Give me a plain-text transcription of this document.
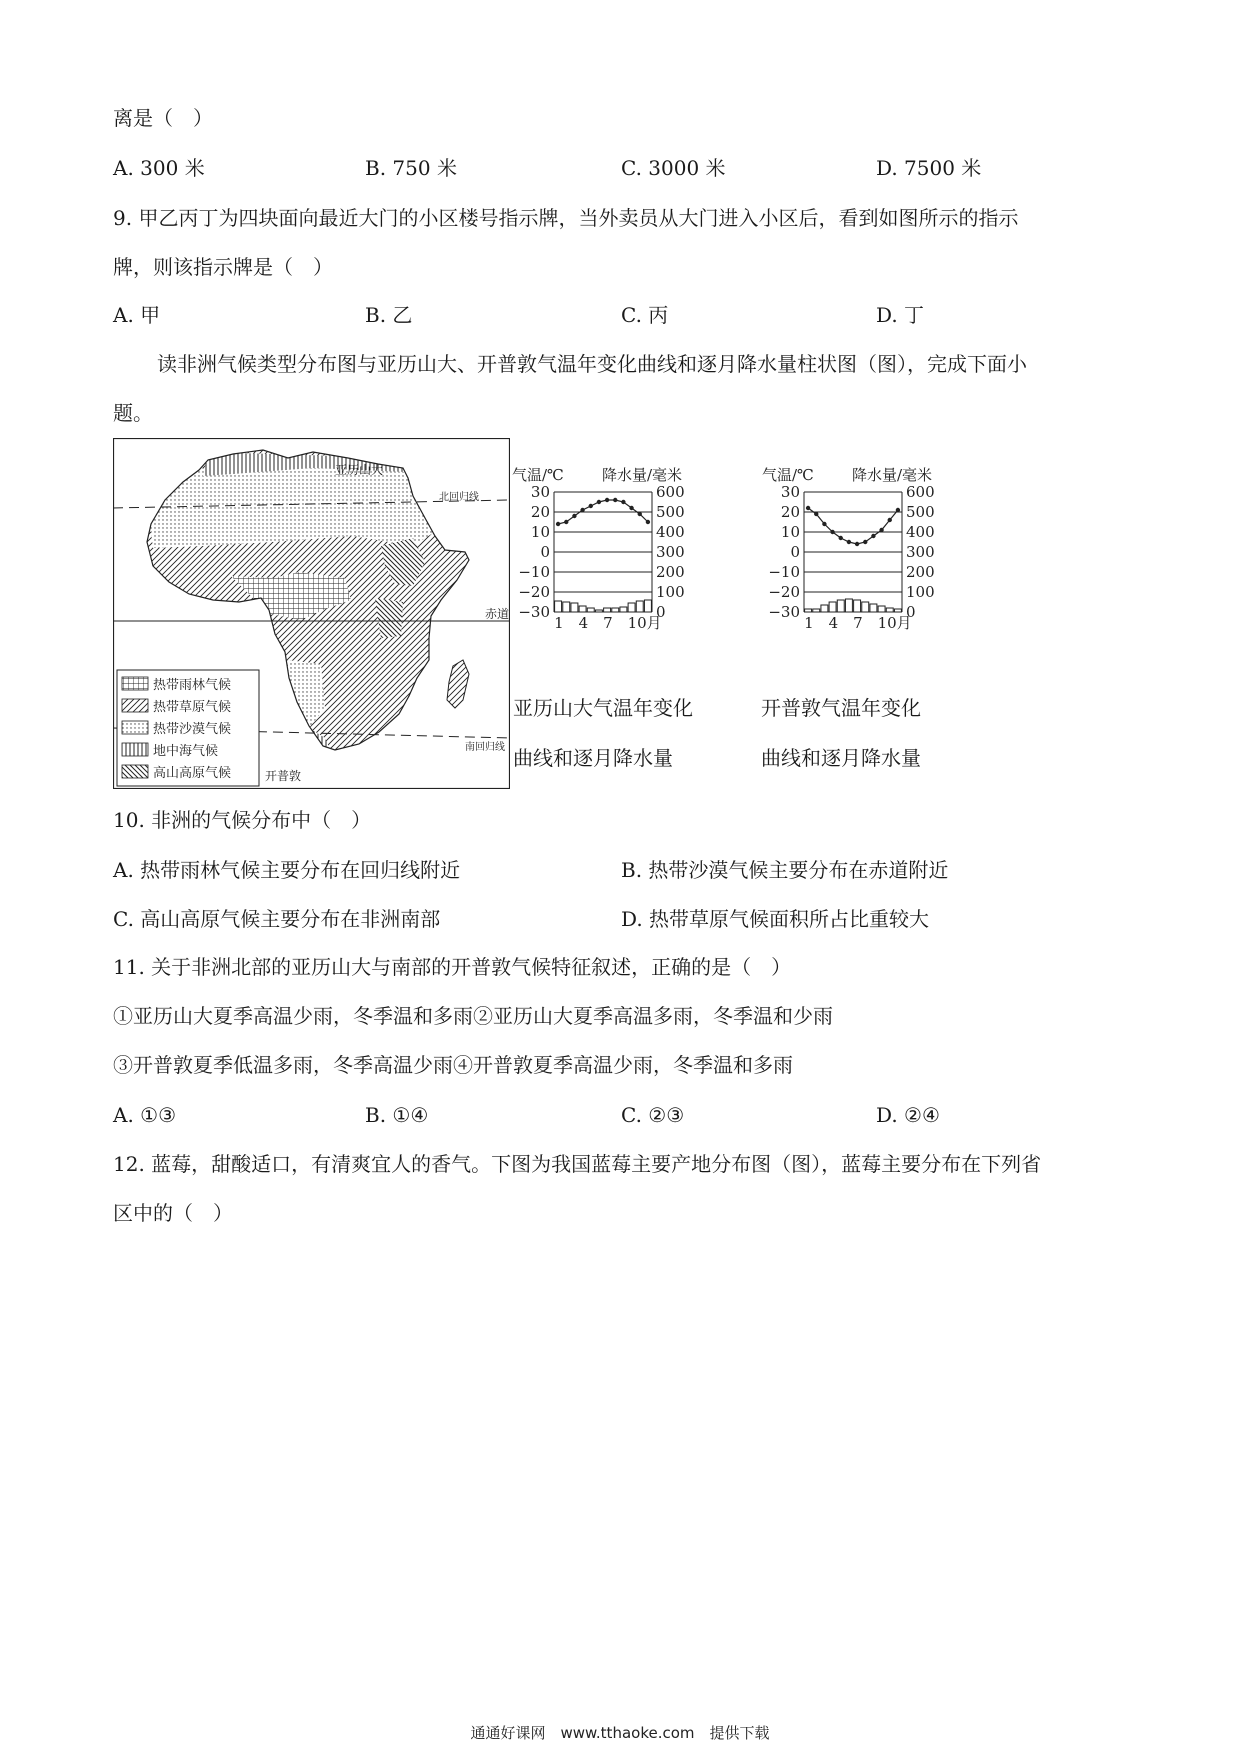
离是（　）
A. 300 米	B. 750 米	C. 3000 米	D. 7500 米
9. 甲乙丙丁为四块面向最近大门的小区楼号指示牌，当外卖员从大门进入小区后，看到如图所示的指示
牌，则该指示牌是（　）
A. 甲	B. 乙	C. 丙	D. 丁
读非洲气候类型分布图与亚历山大、开普敦气温年变化曲线和逐月降水量柱状图（图），完成下面小
题。
亚历山大
北回归线
赤道
南回归线
开普敦
热带雨林气候
热带草原气候
热带沙漠气候
地中海气候
高山高原气候
气温/℃	降水量/毫米
30	600
20	500
10	400
0	300
−10	200
−20	100
−30	0
1 4 7 10月
亚历山大气温年变化
曲线和逐月降水量
气温/℃	降水量/毫米
30	600
20	500
10	400
0	300
−10	200
−20	100
−30	0
1 4 7 10月
开普敦气温年变化
曲线和逐月降水量
10. 非洲的气候分布中（　）
A. 热带雨林气候主要分布在回归线附近	B. 热带沙漠气候主要分布在赤道附近
C. 高山高原气候主要分布在非洲南部	D. 热带草原气候面积所占比重较大
11. 关于非洲北部的亚历山大与南部的开普敦气候特征叙述，正确的是（　）
①亚历山大夏季高温少雨，冬季温和多雨②亚历山大夏季高温多雨，冬季温和少雨
③开普敦夏季低温多雨，冬季高温少雨④开普敦夏季高温少雨，冬季温和多雨
A. ①③	B. ①④	C. ②③	D. ②④
12. 蓝莓，甜酸适口，有清爽宜人的香气。下图为我国蓝莓主要产地分布图（图），蓝莓主要分布在下列省
区中的（　）
通通好课网　www.tthaoke.com　提供下载
